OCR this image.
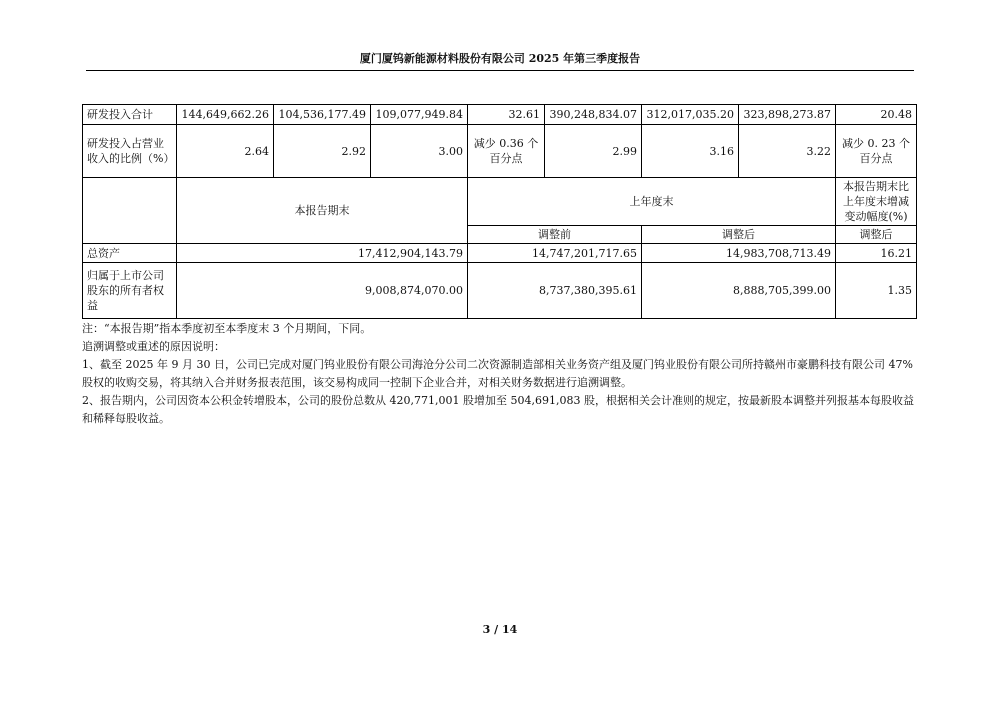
厦门厦钨新能源材料股份有限公司 2025 年第三季度报告
研发投入合计	144,649,662.26	104,536,177.49	109,077,949.84	32.61	390,248,834.07	312,017,035.20	323,898,273.87	20.48
研发投入占营业收入的比例（%）	2.64	2.92	3.00	减少 0.36 个百分点	2.99	3.16	3.22	减少 0. 23 个百分点
	本报告期末			上年度末				本报告期末比上年度末增减变动幅度(%)
				调整前		调整后		调整后
总资产	17,412,904,143.79			14,747,201,717.65		14,983,708,713.49		16.21
归属于上市公司股东的所有者权益	9,008,874,070.00			8,737,380,395.61		8,888,705,399.00		1.35

注：“本报告期”指本季度初至本季度末 3 个月期间，下同。

追溯调整或重述的原因说明：

1、截至 2025 年 9 月 30 日，公司已完成对厦门钨业股份有限公司海沧分公司二次资源制造部相关业务资产组及厦门钨业股份有限公司所持赣州市豪鹏科技有限公司 47%股权的收购交易，将其纳入合并财务报表范围，该交易构成同一控制下企业合并，对相关财务数据进行追溯调整。

2、报告期内，公司因资本公积金转增股本，公司的股份总数从 420,771,001 股增加至 504,691,083 股，根据相关会计准则的规定，按最新股本调整并列报基本每股收益和稀释每股收益。

3 / 14
